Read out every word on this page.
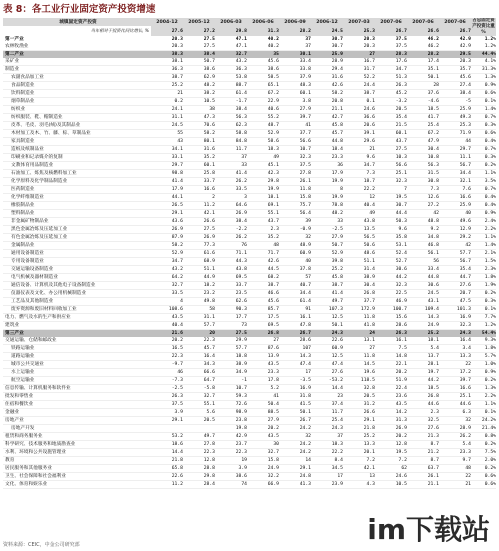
表 8：各工业行业固定资产投资增速
城镇固定资产投资	2004-12	2005-12	2006-03	2006-06	2006-09	2006-12	2007-03	2007-06	2007-06	2007-06	占总固定资产投资比重 %
当年相对于投资比同比增长, %	27.6	27.2	29.8	31.3	28.2	24.5	25.3	26.7	26.6	26.7	
第一产业	20.3	27.5	47.1	40.2	37	30.7	20.3	37.5	46.2	42.9	1.2%
农林牧渔业	20.3	27.5	47.1	40.2	37	30.7	20.3	37.5	46.2	42.9	1.2%
第二产业	38.3	38.4	32.7	35	30.1	25.9	27	28.3	28.2	29.5	44.4%
采矿业	38.1	50.7	43.2	45.6	33.4	28.9	16.7	17.6	17.4	20.3	4.1%
制造业	36.3	38.6	36.3	38.6	33.8	29.4	31.7	34.7	35.1	35.7	31.3%
农副食品加工业	38.7	62.9	53.8	58.5	37.9	31.6	52.2	51.3	50.1	45.6	1.3%
食品制造业	25.2	48.2	88.7	65.1	48.3	42.6	24.4	26.3	28	27.4	0.9%
饮料制造业	21	38.2	61.4	67.2	60.1	58.2	38.7	45.2	37.6	38.4	0.6%
烟草制品业	0.2	10.5	-1.7	22.9	3.8	20.8	0.1	-3.2	-4.6	-5	0.1%
纺织业	24.1	38	38.4	40.6	27.9	21.1	24.6	20.5	18.5	25.9	1.4%
纺织服装、鞋、帽制造业	31.1	47.3	56.3	55.2	39.7	42.7	36.6	35.4	41.7	49.3	0.7%
皮革、毛皮、羽毛(绒)及其制品业	24.5	70.6	62.3	48.7	41	45.8	20.6	21.5	25.4	25.3	0.3%
木材加工及木、竹、藤、棕、草制品业	55	58.2	58.8	52.9	37.7	45.7	39.1	60.1	67.2	71.9	0.6%
家具制造业	43	80.1	84.8	58.6	56.6	44.8	29.6	43.7	47.9	44	0.4%
造纸及纸制品业	34.1	31.6	11.7	18.3	10.7	18.4	21	27.5	30.4	29.7	0.7%
印刷业和记录媒介的复制	33.1	35.2	37	49	32.3	23.3	9.6	10.3	10.8	11.1	0.3%
文教体育用品制造业	29.7	60.1	33	45.1	37.5	36	34.7	56.6	56.3	56.7	0.2%
石油加工、炼焦及核燃料加工业	98.8	25.8	41.4	42.3	27.8	17.9	7.3	25.1	31.5	34.4	1.1%
化学原料及化学制品制造业	41.4	33.7	26.2	29.8	26.1	19.9	18.7	32.3	30.8	32.1	3.5%
医药制造业	17.9	16.6	33.5	19.9	11.8	8	22.2	7	7.3	7.6	0.7%
化学纤维制造业	44.1	2	3	18.1	15.8	19.9	12	19.5	12.6	16.6	0.4%
橡胶制品业	26.5	11.2	64.6	69.1	75.7	78.8	40.4	30.7	27.2	25.9	0.4%
塑料制品业	29.1	42.1	26.9	55.1	56.4	48.2	49	44.4	42	40	0.9%
非金属矿物制品业	43.6	26.6	38.4	43.7	39	33	43.8	50.3	48.8	49.6	2.4%
黑色金属冶炼及压延加工业	26.9	27.5	-2.2	2.3	-0.9	-2.5	13.5	9.6	9.2	12.9	2.2%
有色金属冶炼及压延加工业	87.9	26.9	26.2	35.2	32	27.9	56.5	35.8	34.8	29.2	1.1%
金属制品业	58.2	77.3	76	48	48.9	50.7	50.6	53.1	46.8	42	1.4%
通用设备制造业	52.9	61.6	71.1	71.7	60.9	52.9	48.6	52.4	56.1	57.7	2.1%
专用设备制造业	34.7	68.9	44.3	42.6	40	39.8	51.1	52.7	56	56.7	1.5%
交通运输设备制造业	43.2	51.1	43.8	44.5	37.8	25.2	31.4	30.6	33.4	35.4	2.3%
电气机械及器材制造业	64.2	44.9	69.5	68.2	57	45.8	38.9	44.2	44.8	44.7	1.8%
通信设备、计算机及其他电子设备制造业	32.7	18.2	33.7	38.7	40.7	38.7	30.4	32.3	30.6	27.6	1.9%
仪器仪表及文化、办公用机械制造业	33.5	23.2	23.5	46.6	34.4	41.4	26.8	22.5	24.5	20.7	0.2%
工艺品及其他制造业	4	49.8	62.6	45.6	61.4	49.7	37.7	46.9	43.1	47.5	0.3%
废弃资源和废旧材料回收加工业	108.6	58	90.3	85.7	91	107.3	172.9	100.7	109.4	101.3	0.1%
电力、燃气及水的生产和供应业	43.5	31.1	17.7	17.5	16.1	12.5	11.8	15.6	14.3	16.9	7.7%
建筑业	40.4	57.7	73	69.5	47.8	50.1	41.8	28.6	24.9	32.3	1.2%
第三产业	21.6	20	27.5	26.8	26.7	24.3	24	26.3	25.2	24.3	54.4%
交通运输、仓储和邮政业	20.2	22.3	29.9	27	28.6	22.6	13.1	16.1	18.1	16.4	9.3%
铁路运输业	16.5	45.7	57.7	87.6	107	60.9	27	7.5	5.4	3.4	1.8%
道路运输业	22.3	16.4	18.8	13.9	14.3	12.5	11.8	14.8	13.7	13.3	5.7%
城市公共交通业	-9.7	34.3	38.9	43.5	47.4	47.4	14.5	22.1	28.1	22	1.0%
水上运输业	46	66.6	34.9	23.3	17	27.6	19.6	20.2	19.7	17.2	0.9%
航空运输业	-7.3	64.7	-1	17.8	-3.5	-53.2	118.5	51.9	44.2	39.7	0.2%
信息传输、计算机服务和软件业	-2.5	-5.8	10.7	5.2	16.9	14.4	32.8	22.4	18.5	16.6	1.3%
批发和零售业	26.3	32.7	59.3	41	31.8	23	20.5	23.6	26.8	25.1	2.2%
住宿和餐饮业	37.5	55.1	72.6	50.4	41.5	37.4	31.2	43.5	44.6	44.6	1.1%
金融业	3.9	5.6	98.9	88.5	50.1	11.7	26.6	14.2	2.3	6.3	0.1%
房地产业	29.1	20.5	23.8	27.9	26.7	25.4	29.1	31.3	32.5	32	24.2%
房地产开发			19.8	20.2	24.2	24.3	21.8	26.9	27.6	28.9	21.4%
租赁和商务服务业	53.2	49.7	42.9	43.5	32	37	25.2	20.2	21.3	26.2	0.8%
科学研究、技术服务和地质勘查业	18.6	27.8	23.7	30	24.2	18.3	13.3	12.8	8.7	5.4	0.2%
水利、环境和公共设施管理业	14.4	22.3	22.3	32.7	24.2	22.2	20.1	19.5	21.2	23.3	7.5%
教育	21.8	12.8	19	15.8	14	8.4	7.2	7.2	8.7	9.7	2.0%
居民服务和其他服务业	65.8	28.8	3.9	24.9	29.1	34.5	42.1	62	63.7	48	0.2%
卫生、社会保障和社会福利业	22.6	29.8	38.6	32.2	24.8	17	13	24.6	26.1	22	0.6%
文化、体育和娱乐业	11.2	28.4	74	66.9	41.3	23.9	4.3	10.5	21.1	21	0.6%
资料来源：CEIC，中金公司研究部	im下载站
